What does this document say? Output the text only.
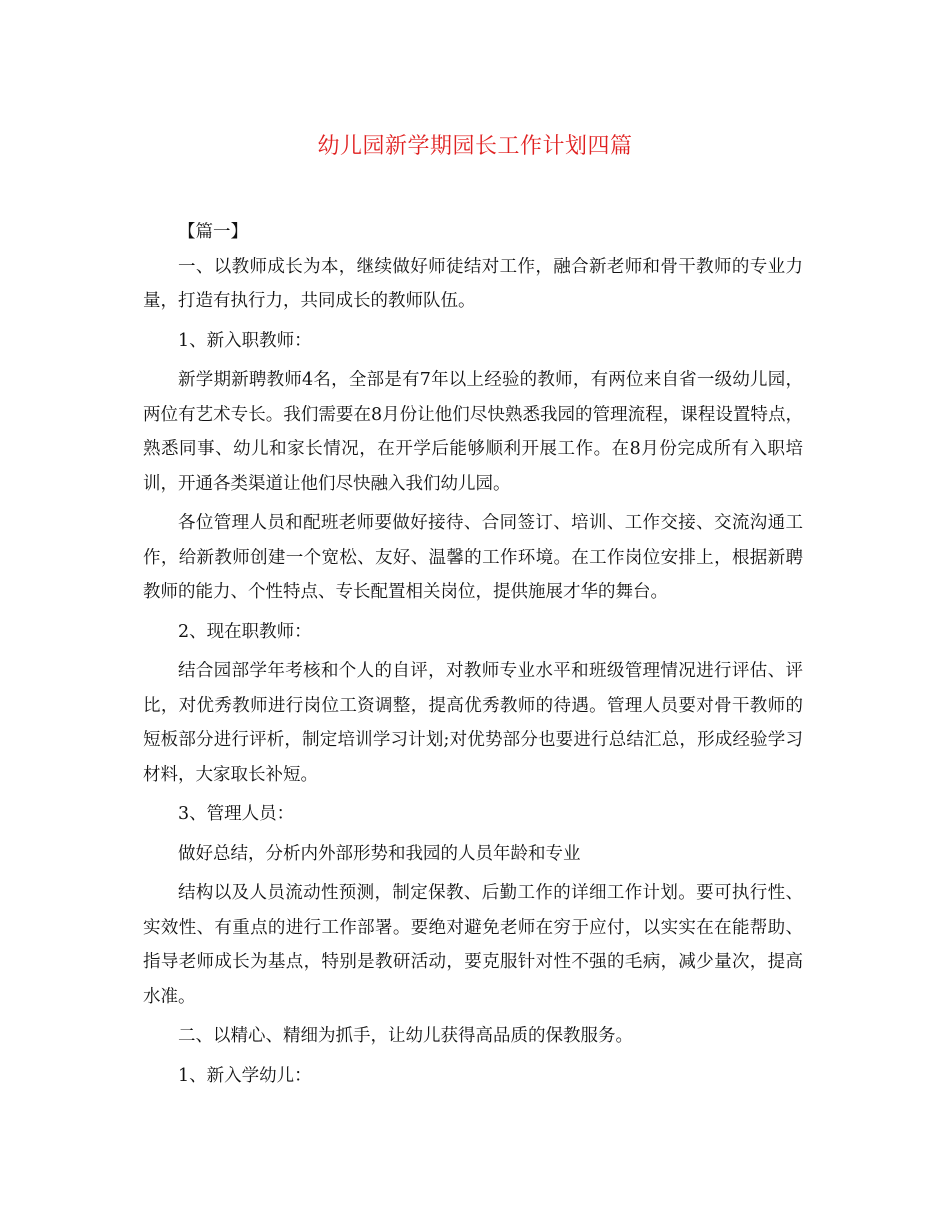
幼儿园新学期园长工作计划四篇

【篇一】

一、以教师成长为本，继续做好师徒结对工作，融合新老师和骨干教师的专业力量，打造有执行力，共同成长的教师队伍。

1、新入职教师：

新学期新聘教师4名，全部是有7年以上经验的教师，有两位来自省一级幼儿园，两位有艺术专长。我们需要在8月份让他们尽快熟悉我园的管理流程，课程设置特点，熟悉同事、幼儿和家长情况，在开学后能够顺利开展工作。在8月份完成所有入职培训，开通各类渠道让他们尽快融入我们幼儿园。

各位管理人员和配班老师要做好接待、合同签订、培训、工作交接、交流沟通工作，给新教师创建一个宽松、友好、温馨的工作环境。在工作岗位安排上，根据新聘教师的能力、个性特点、专长配置相关岗位，提供施展才华的舞台。

2、现在职教师：

结合园部学年考核和个人的自评，对教师专业水平和班级管理情况进行评估、评比，对优秀教师进行岗位工资调整，提高优秀教师的待遇。管理人员要对骨干教师的短板部分进行评析，制定培训学习计划;对优势部分也要进行总结汇总，形成经验学习材料，大家取长补短。

3、管理人员：

做好总结，分析内外部形势和我园的人员年龄和专业

结构以及人员流动性预测，制定保教、后勤工作的详细工作计划。要可执行性、实效性、有重点的进行工作部署。要绝对避免老师在穷于应付，以实实在在能帮助、指导老师成长为基点，特别是教研活动，要克服针对性不强的毛病，减少量次，提高水准。

二、以精心、精细为抓手，让幼儿获得高品质的保教服务。

1、新入学幼儿：
